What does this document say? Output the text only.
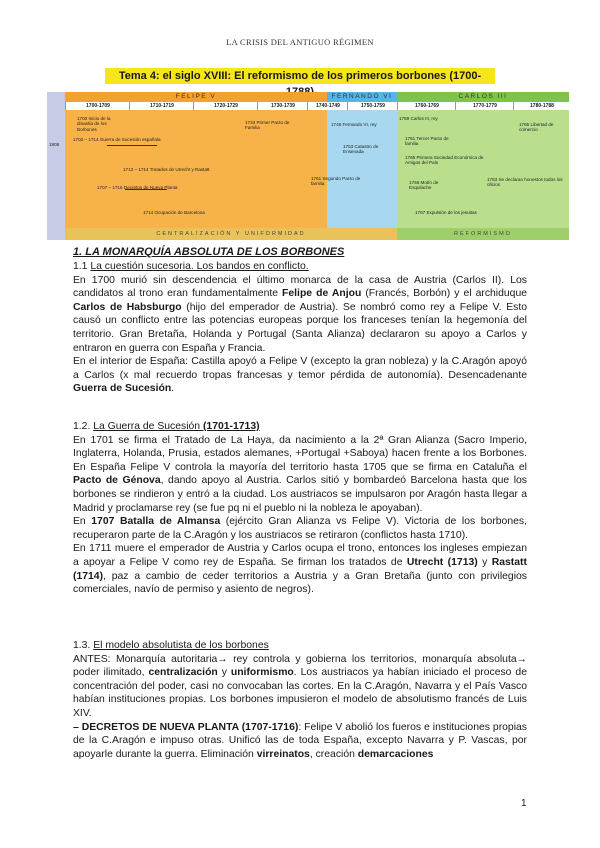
LA CRISIS DEL ANTIGUO RÉGIMEN
Tema 4: el siglo XVIII: El reformismo de los primeros borbones (1700-
FELIPE V	FERNANDO VI	CARLOS III
1700-1709	1710-1719	1720-1729	1730-1739	1740-1749	1750-1759	1760-1769	1770-1779	1780-1788
CENTRALIZACIÓN Y UNIFORMIDAD	REFORMISMO
1700 Inicio de la dinastía de los Borbones
1702 – 1714 Guerra de Sucesión española
1713 – 1714 Tratados de Utrecht y Rastatt
1707 – 1716 Decretos de Nueva Planta
1714 Ocupación de Barcelona
1733 Primer Pacto de Familia
1746 Fernando VI, rey
1753 Catastro de Ensenada
1761 Segundo Pacto de familia
1759 Carlos III, rey
1761 Tercer Pacto de familia
1765 Libertad de comercio
1765 Primera Sociedad Económica de Amigos del País
1766 Motín de Esquilache
1767 Expulsión de los jesuitas
1783 Se declaran honestos todos los oficios
1808
1. LA MONARQUÍA ABSOLUTA DE LOS BORBONES
1.1 La cuestión sucesoria. Los bandos en conflicto.
En 1700 murió sin descendencia el último monarca de la casa de Austria (Carlos II). Los candidatos al trono eran fundamentalmente Felipe de Anjou (Francés, Borbón) y el archiduque Carlos de Habsburgo (hijo del emperador de Austria). Se nombró como rey a Felipe V. Esto causó un conflicto entre las potencias europeas porque los franceses tenían la hegemonía del territorio. Gran Bretaña, Holanda y Portugal (Santa Alianza) declararon su apoyo a Carlos y entraron en guerra con España y Francia.
En el interior de España: Castilla apoyó a Felipe V (excepto la gran nobleza) y la C.Aragón apoyó a Carlos (x mal recuerdo tropas francesas y temor pérdida de autonomía). Desencadenante Guerra de Sucesión.
1.2. La Guerra de Sucesión (1701-1713)
En 1701 se firma el Tratado de La Haya, da nacimiento a la 2ª Gran Alianza (Sacro Imperio, Inglaterra, Holanda, Prusia, estados alemanes, +Portugal +Saboya) hacen frente a los Borbones. En España Felipe V controla la mayoría del territorio hasta 1705 que se firma en Cataluña el Pacto de Génova, dando apoyo al Austria. Carlos sitió y bombardeó Barcelona hasta que los borbones se rindieron y entró a la ciudad. Los austriacos se impulsaron por Aragón hasta llegar a Madrid y proclamarse rey (se fue pq ni el pueblo ni la nobleza le apoyaban).
En 1707 Batalla de Almansa (ejército Gran Alianza vs Felipe V). Victoria de los borbones, recuperaron parte de la C.Aragón y los austriacos se retiraron (conflictos hasta 1710).
En 1711 muere el emperador de Austria y Carlos ocupa el trono, entonces los ingleses empiezan a apoyar a Felipe V como rey de España. Se firman los tratados de Utrecht (1713) y Rastatt (1714), paz a cambio de ceder territorios a Austria y a Gran Bretaña (junto con privilegios comerciales, navío de permiso y asiento de negros).
1.3. El modelo absolutista de los borbones
ANTES: Monarquía autoritaria→ rey controla y gobierna los territorios, monarquía absoluta→ poder ilimitado, centralización y uniformismo. Los austriacos ya habían iniciado el proceso de concentración del poder, casi no convocaban las cortes. En la C.Aragón, Navarra y el País Vasco habían instituciones propias. Los borbones impusieron el modelo de absolutismo francés de Luis XIV.
– DECRETOS DE NUEVA PLANTA (1707-1716): Felipe V abolió los fueros e instituciones propias de la C.Aragón e impuso otras. Unificó las de toda España, excepto Navarra y P. Vascas, por apoyarle durante la guerra. Eliminación virreinatos, creación demarcaciones
1
